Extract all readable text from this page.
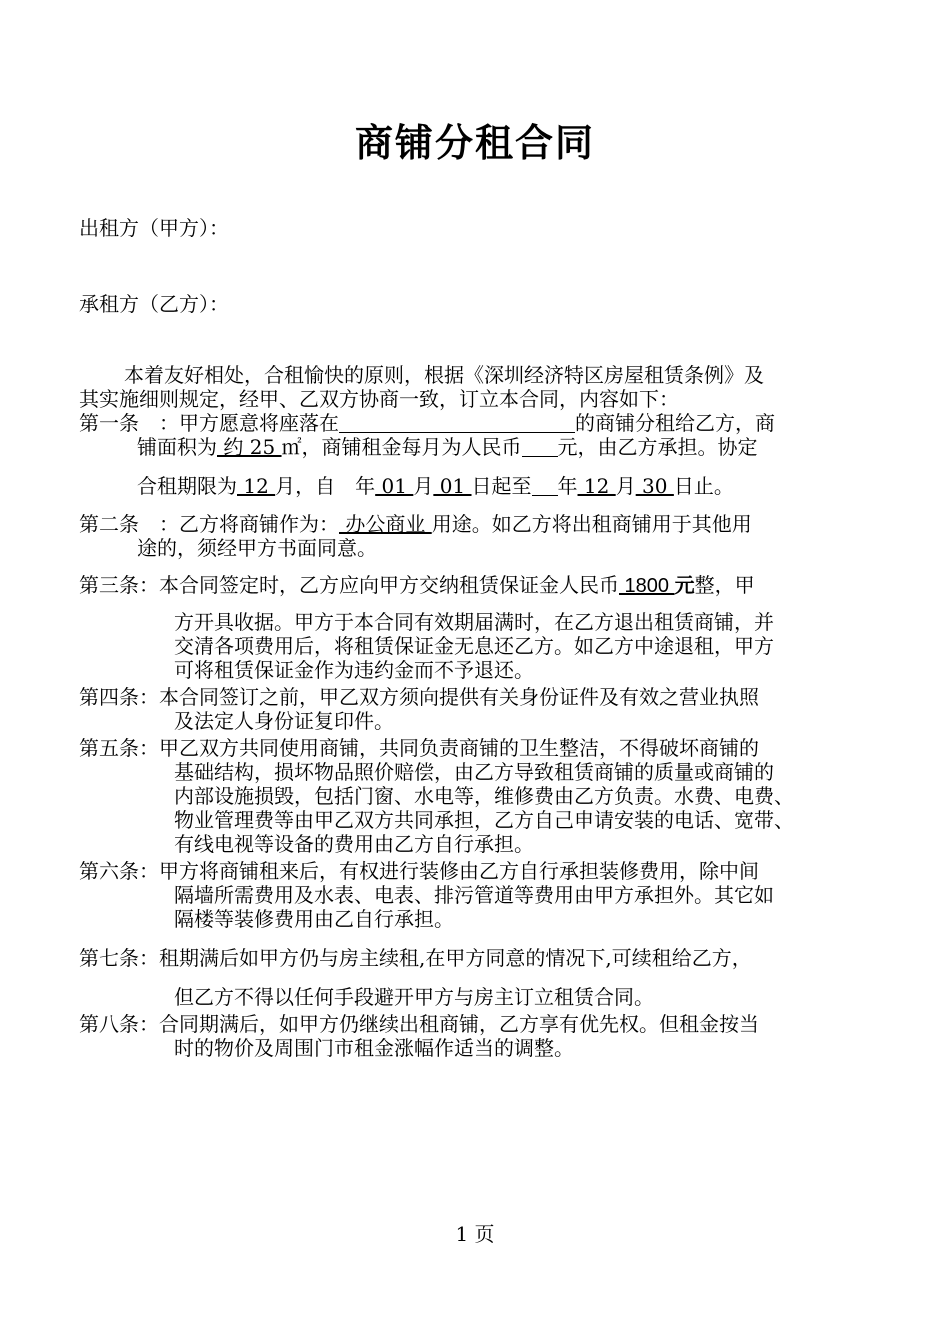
商铺分租合同
出租方（甲方）：
承租方（乙方）：
本着友好相处，合租愉快的原则，根据《深圳经济特区房屋租赁条例》及
其实施细则规定，经甲、乙双方协商一致，订立本合同，内容如下：
第一条　：甲方愿意将座落在	的商铺分租给乙方，商
铺面积为 约 25 ㎡，商铺租金每月为人民币 元，由乙方承担。协定
合租期限为 12 月，自　年 01 月 01 日起至 年 12 月 30 日止。
第二条　：乙方将商铺作为： 办公商业 用途。如乙方将出租商铺用于其他用
途的，须经甲方书面同意。
第三条：本合同签定时，乙方应向甲方交纳租赁保证金人民币 1800 元整，甲
方开具收据。甲方于本合同有效期届满时，在乙方退出租赁商铺，并
交清各项费用后，将租赁保证金无息还乙方。如乙方中途退租，甲方
可将租赁保证金作为违约金而不予退还。
第四条：本合同签订之前，甲乙双方须向提供有关身份证件及有效之营业执照
及法定人身份证复印件。
第五条：甲乙双方共同使用商铺，共同负责商铺的卫生整洁，不得破坏商铺的
基础结构，损坏物品照价赔偿，由乙方导致租赁商铺的质量或商铺的
内部设施损毁，包括门窗、水电等，维修费由乙方负责。水费、电费、
物业管理费等由甲乙双方共同承担，乙方自己申请安装的电话、宽带、
有线电视等设备的费用由乙方自行承担。
第六条：甲方将商铺租来后，有权进行装修由乙方自行承担装修费用，除中间
隔墙所需费用及水表、电表、排污管道等费用由甲方承担外。其它如
隔楼等装修费用由乙自行承担。
第七条：租期满后如甲方仍与房主续租,在甲方同意的情况下,可续租给乙方，
但乙方不得以任何手段避开甲方与房主订立租赁合同。
第八条：合同期满后，如甲方仍继续出租商铺，乙方享有优先权。但租金按当
时的物价及周围门市租金涨幅作适当的调整。
1 页
